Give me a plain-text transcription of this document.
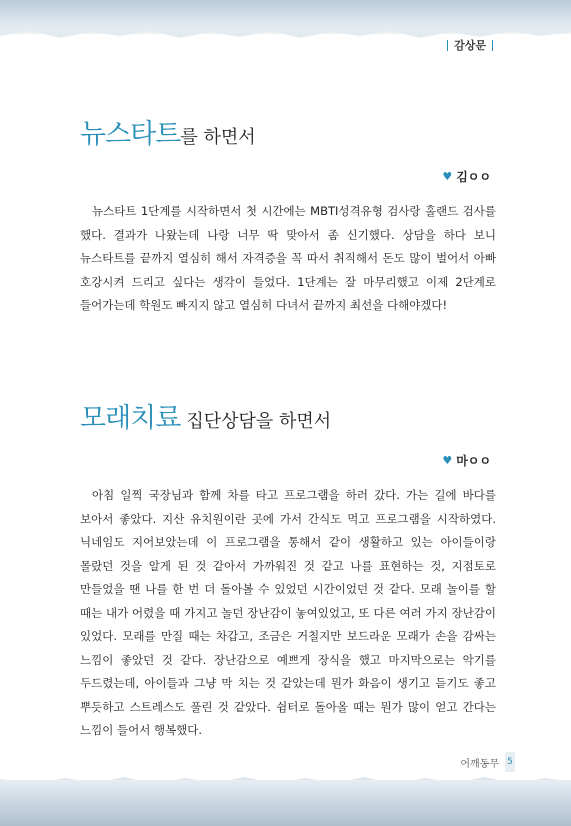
감상문
뉴스타트 를 하면서
♥ 김ㅇㅇ
뉴스타트 1단계를 시작하면서 첫 시간에는 MBTI성격유형 검사랑 홀랜드 검사를 했다. 결과가 나왔는데 나랑 너무 딱 맞아서 좀 신기했다. 상담을 하다 보니 뉴스타트를 끝까지 열심히 해서 자격증을 꼭 따서 취직해서 돈도 많이 벌어서 아빠 호강시켜 드리고 싶다는 생각이 들었다. 1단계는 잘 마무리했고 이제 2단계로 들어가는데 학원도 빠지지 않고 열심히 다녀서 끝까지 최선을 다해야겠다!
모래치료 집단상담을 하면서
♥ 마ㅇㅇ
아침 일찍 국장님과 함께 차를 타고 프로그램을 하러 갔다. 가는 길에 바다를 보아서 좋았다. 지산 유치원이란 곳에 가서 간식도 먹고 프로그램을 시작하였다. 닉네임도 지어보았는데 이 프로그램을 통해서 같이 생활하고 있는 아이들이랑 몰랐던 것을 알게 된 것 같아서 가까워진 것 같고 나를 표현하는 것, 지점토로 만들었을 땐 나를 한 번 더 돌아볼 수 있었던 시간이었던 것 같다. 모래 놀이를 할 때는 내가 어렸을 때 가지고 놀던 장난감이 놓여있었고, 또 다른 여러 가지 장난감이 있었다. 모래를 만질 때는 차갑고, 조금은 거칠지만 보드라운 모래가 손을 감싸는 느낌이 좋았던 것 같다. 장난감으로 예쁘게 장식을 했고 마지막으로는 악기를 두드렸는데, 아이들과 그냥 막 치는 것 같았는데 뭔가 화음이 생기고 듣기도 좋고 뿌듯하고 스트레스도 풀린 것 같았다. 쉼터로 돌아올 때는 뭔가 많이 얻고 간다는 느낌이 들어서 행복했다.
어깨동무 5
